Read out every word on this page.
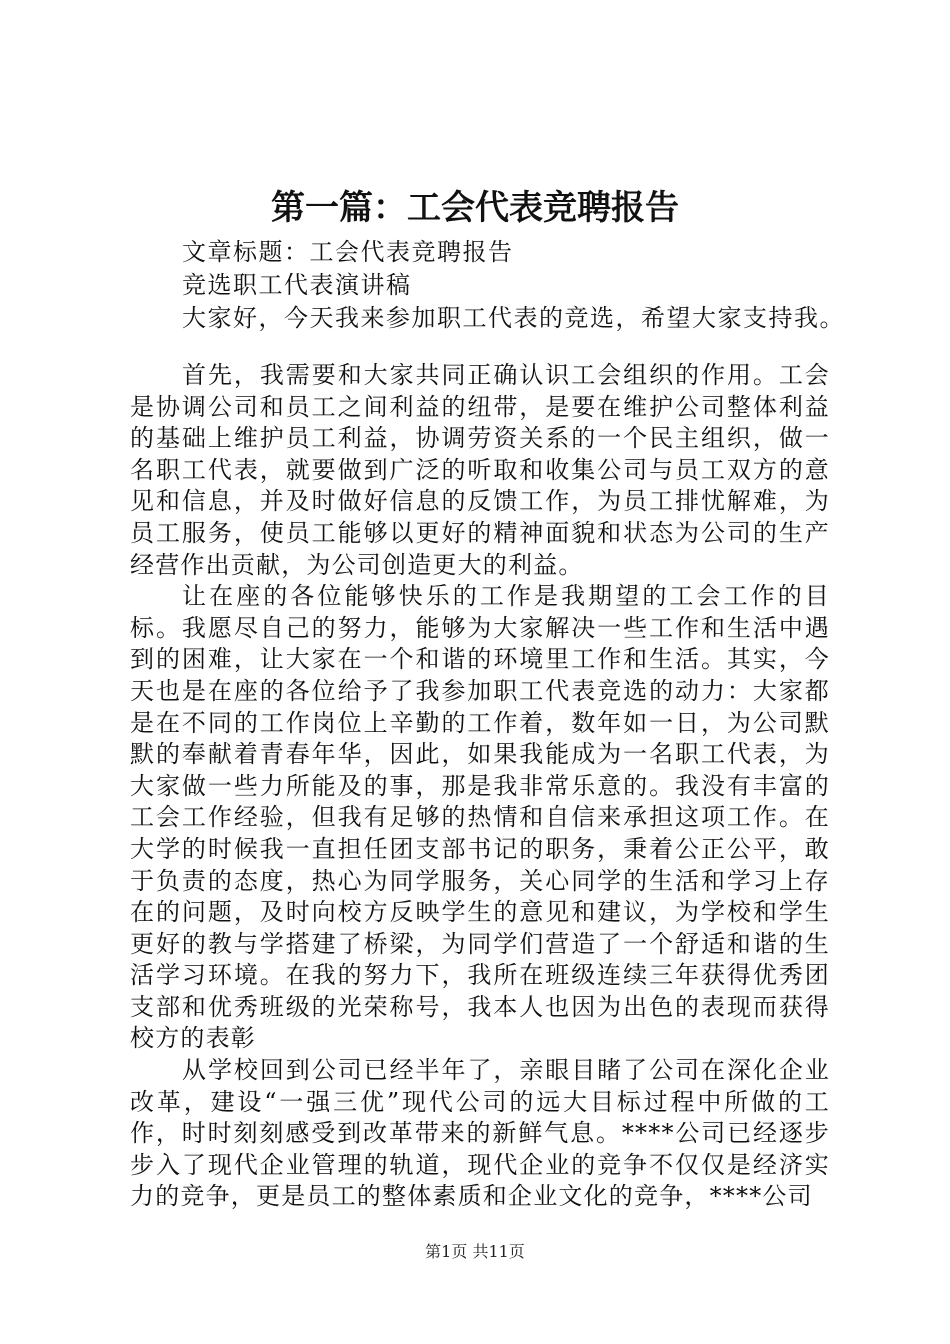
第一篇：工会代表竞聘报告
文章标题：工会代表竞聘报告
竞选职工代表演讲稿
大家好，今天我来参加职工代表的竞选，希望大家支持我。

首先，我需要和大家共同正确认识工会组织的作用。工会是协调公司和员工之间利益的纽带，是要在维护公司整体利益的基础上维护员工利益，协调劳资关系的一个民主组织，做一名职工代表，就要做到广泛的听取和收集公司与员工双方的意见和信息，并及时做好信息的反馈工作，为员工排忧解难，为员工服务，使员工能够以更好的精神面貌和状态为公司的生产经营作出贡献，为公司创造更大的利益。

让在座的各位能够快乐的工作是我期望的工会工作的目标。我愿尽自己的努力，能够为大家解决一些工作和生活中遇到的困难，让大家在一个和谐的环境里工作和生活。其实，今天也是在座的各位给予了我参加职工代表竞选的动力：大家都是在不同的工作岗位上辛勤的工作着，数年如一日，为公司默默的奉献着青春年华，因此，如果我能成为一名职工代表，为大家做一些力所能及的事，那是我非常乐意的。我没有丰富的工会工作经验，但我有足够的热情和自信来承担这项工作。在大学的时候我一直担任团支部书记的职务，秉着公正公平，敢于负责的态度，热心为同学服务，关心同学的生活和学习上存在的问题，及时向校方反映学生的意见和建议，为学校和学生更好的教与学搭建了桥梁，为同学们营造了一个舒适和谐的生活学习环境。在我的努力下，我所在班级连续三年获得优秀团支部和优秀班级的光荣称号，我本人也因为出色的表现而获得校方的表彰

从学校回到公司已经半年了，亲眼目睹了公司在深化企业改革，建设“一强三优”现代公司的远大目标过程中所做的工作，时时刻刻感受到改革带来的新鲜气息。****公司已经逐步步入了现代企业管理的轨道，现代企业的竞争不仅仅是经济实力的竞争，更是员工的整体素质和企业文化的竞争，****公司

第1页 共11页
